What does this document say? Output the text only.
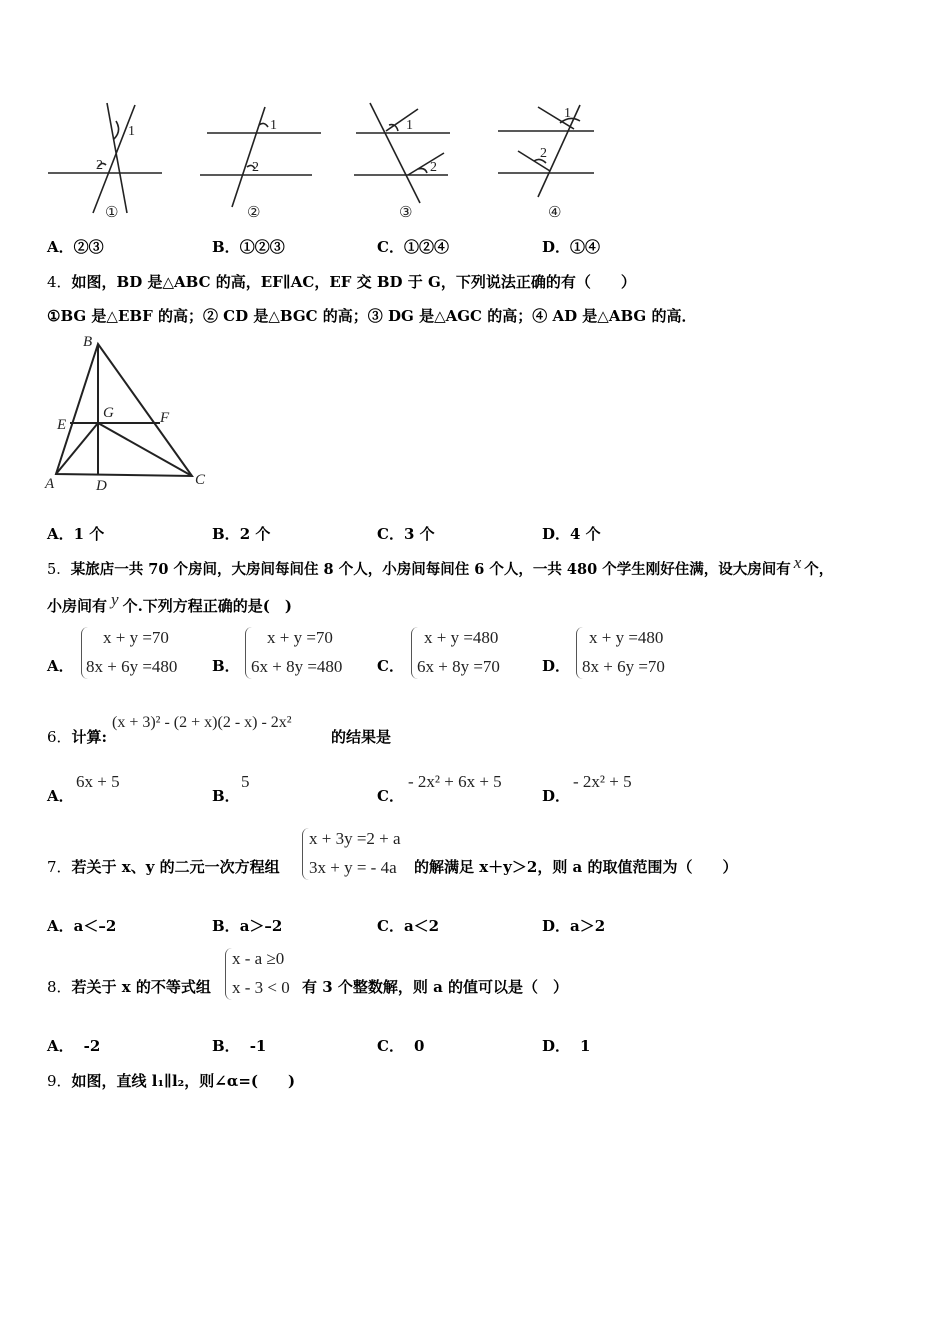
1
2
1
2
1
2
1
2
①	②	③	④
A．②③	B．①②③	C．①②④	D．①④
4．如图，BD 是△ABC 的高，EF∥AC，EF 交 BD 于 G，下列说法正确的有（　　）
①BG 是△EBF 的高；② CD 是△BGC 的高；③ DG 是△AGC 的高；④ AD 是△ABG 的高．
B
E
G	F
A	D	C
A．1 个	B．2 个	C．3 个	D．4 个
5．某旅店一共 70 个房间，大房间每间住 8 个人，小房间每间住 6 个人，一共 480 个学生刚好住满，设大房间有 x 个，
小房间有 y 个.下列方程正确的是(　)
A．
x + y =70
8x + 6y =480 B．
x + y =70
6x + 8y =480 C．
x + y =480
6x + 8y =70	D．
x + y =480
8x + 6y =70
6．计算:
(x + 3)² - (2 + x)(2 - x) - 2x²
的结果是
A．
6x + 5
B．
5
C．
- 2x² + 6x + 5
D．
- 2x² + 5
7．若关于 x、y 的二元一次方程组
x + 3y =2 + a
3x + y = - 4a 的解满足 x＋y＞2，则 a 的取值范围为（　　）
A．a＜–2	B．a＞–2	C．a＜2	D．a＞2
8．若关于 x 的不等式组
x - a ≥0
x - 3 < 0 有 3 个整数解，则 a 的值可以是（　）
A． -2	B． -1	C． 0	D． 1
9．如图，直线 l₁∥l₂，则∠α=(　　)
